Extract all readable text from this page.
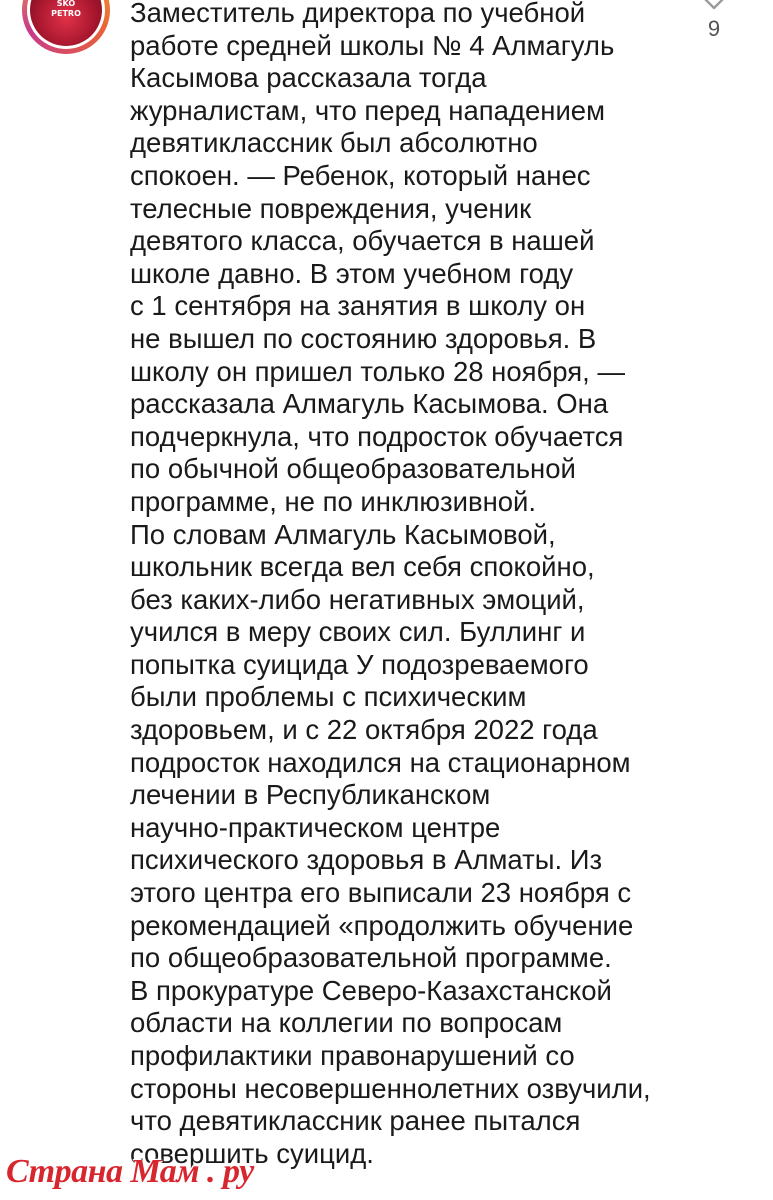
SKO PETRO
9

Заместитель директора по учебной
работе средней школы № 4 Алмагуль
Касымова рассказала тогда
журналистам, что перед нападением
девятиклассник был абсолютно
спокоен. — Ребенок, который нанес
телесные повреждения, ученик
девятого класса, обучается в нашей
школе давно. В этом учебном году
с 1 сентября на занятия в школу он
не вышел по состоянию здоровья. В
школу он пришел только 28 ноября, —
рассказала Алмагуль Касымова. Она
подчеркнула, что подросток обучается
по обычной общеобразовательной
программе, не по инклюзивной.
По словам Алмагуль Касымовой,
школьник всегда вел себя спокойно,
без каких-либо негативных эмоций,
учился в меру своих сил. Буллинг и
попытка суицида У подозреваемого
были проблемы с психическим
здоровьем, и с 22 октября 2022 года
подросток находился на стационарном
лечении в Республиканском
научно-практическом центре
психического здоровья в Алматы. Из
этого центра его выписали 23 ноября с
рекомендацией «продолжить обучение
по общеобразовательной программе.
В прокуратуре Северо-Казахстанской
области на коллегии по вопросам
профилактики правонарушений со
стороны несовершеннолетних озвучили,
что девятиклассник ранее пытался
совершить суицид.

Страна Мам . ру
